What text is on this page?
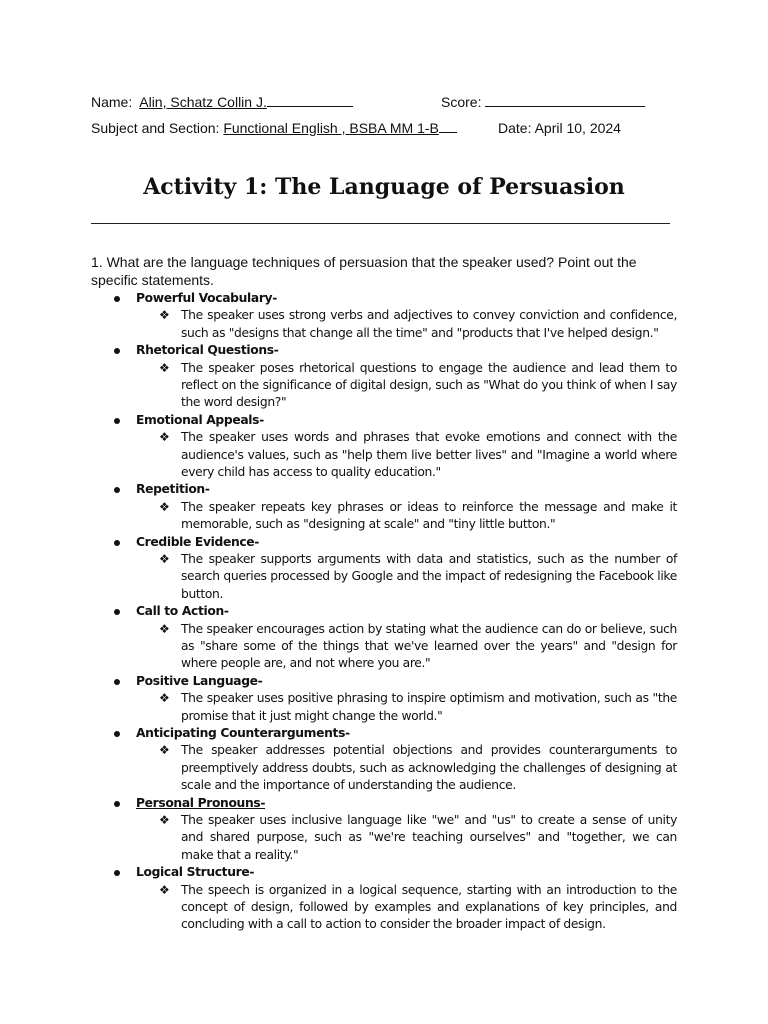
Name: Alin, Schatz Collin J.	Score:
Subject and Section: Functional English , BSBA MM 1-B	Date: April 10, 2024
Activity 1: The Language of Persuasion
1. What are the language techniques of persuasion that the speaker used? Point out the specific statements.
Powerful Vocabulary-
❖ The speaker uses strong verbs and adjectives to convey conviction and confidence, such as "designs that change all the time" and "products that I've helped design."
Rhetorical Questions-
❖ The speaker poses rhetorical questions to engage the audience and lead them to reflect on the significance of digital design, such as "What do you think of when I say the word design?"
Emotional Appeals-
❖ The speaker uses words and phrases that evoke emotions and connect with the audience's values, such as "help them live better lives" and "Imagine a world where every child has access to quality education."
Repetition-
❖ The speaker repeats key phrases or ideas to reinforce the message and make it memorable, such as "designing at scale" and "tiny little button."
Credible Evidence-
❖ The speaker supports arguments with data and statistics, such as the number of search queries processed by Google and the impact of redesigning the Facebook like button.
Call to Action-
❖ The speaker encourages action by stating what the audience can do or believe, such as "share some of the things that we've learned over the years" and "design for where people are, and not where you are."
Positive Language-
❖ The speaker uses positive phrasing to inspire optimism and motivation, such as "the promise that it just might change the world."
Anticipating Counterarguments-
❖ The speaker addresses potential objections and provides counterarguments to preemptively address doubts, such as acknowledging the challenges of designing at scale and the importance of understanding the audience.
Personal Pronouns-
❖ The speaker uses inclusive language like "we" and "us" to create a sense of unity and shared purpose, such as "we're teaching ourselves" and "together, we can make that a reality."
Logical Structure-
❖ The speech is organized in a logical sequence, starting with an introduction to the concept of design, followed by examples and explanations of key principles, and concluding with a call to action to consider the broader impact of design.
